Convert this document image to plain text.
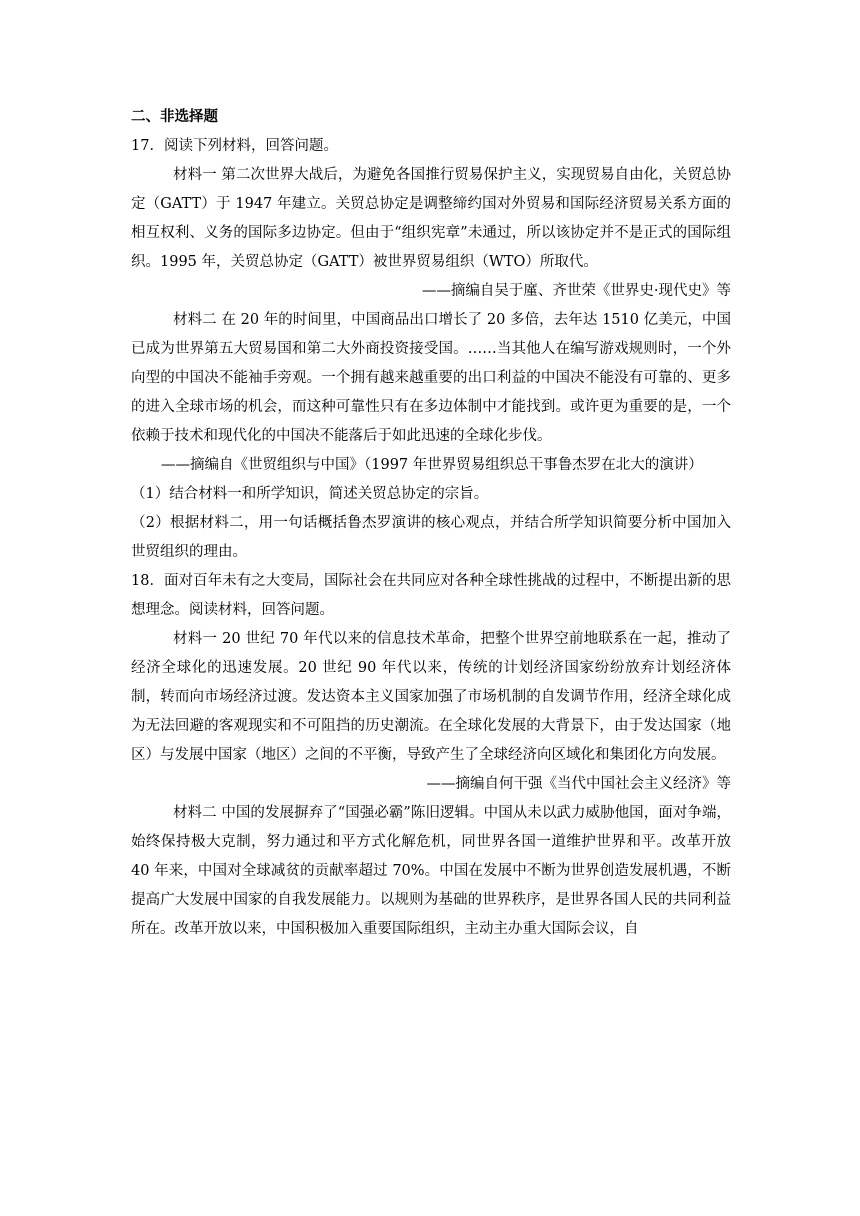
二、非选择题
17．阅读下列材料，回答问题。
材料一 第二次世界大战后，为避免各国推行贸易保护主义，实现贸易自由化，关贸总协定（GATT）于 1947 年建立。关贸总协定是调整缔约国对外贸易和国际经济贸易关系方面的相互权利、义务的国际多边协定。但由于“组织宪章”未通过，所以该协定并不是正式的国际组织。1995 年，关贸总协定（GATT）被世界贸易组织（WTO）所取代。
——摘编自吴于廑、齐世荣《世界史·现代史》等
材料二 在 20 年的时间里，中国商品出口增长了 20 多倍，去年达 1510 亿美元，中国已成为世界第五大贸易国和第二大外商投资接受国。……当其他人在编写游戏规则时，一个外向型的中国决不能袖手旁观。一个拥有越来越重要的出口利益的中国决不能没有可靠的、更多的进入全球市场的机会，而这种可靠性只有在多边体制中才能找到。或许更为重要的是，一个依赖于技术和现代化的中国决不能落后于如此迅速的全球化步伐。
——摘编自《世贸组织与中国》（1997 年世界贸易组织总干事鲁杰罗在北大的演讲）
（1）结合材料一和所学知识，简述关贸总协定的宗旨。
（2）根据材料二，用一句话概括鲁杰罗演讲的核心观点，并结合所学知识简要分析中国加入世贸组织的理由。
18．面对百年未有之大变局，国际社会在共同应对各种全球性挑战的过程中，不断提出新的思想理念。阅读材料，回答问题。
材料一 20 世纪 70 年代以来的信息技术革命，把整个世界空前地联系在一起，推动了经济全球化的迅速发展。20 世纪 90 年代以来，传统的计划经济国家纷纷放弃计划经济体制，转而向市场经济过渡。发达资本主义国家加强了市场机制的自发调节作用，经济全球化成为无法回避的客观现实和不可阻挡的历史潮流。在全球化发展的大背景下，由于发达国家（地区）与发展中国家（地区）之间的不平衡，导致产生了全球经济向区域化和集团化方向发展。
——摘编自何干强《当代中国社会主义经济》等
材料二 中国的发展摒弃了“国强必霸”陈旧逻辑。中国从未以武力威胁他国，面对争端，始终保持极大克制，努力通过和平方式化解危机，同世界各国一道维护世界和平。改革开放 40 年来，中国对全球减贫的贡献率超过 70%。中国在发展中不断为世界创造发展机遇，不断提高广大发展中国家的自我发展能力。以规则为基础的世界秩序，是世界各国人民的共同利益所在。改革开放以来，中国积极加入重要国际组织，主动主办重大国际会议，自
